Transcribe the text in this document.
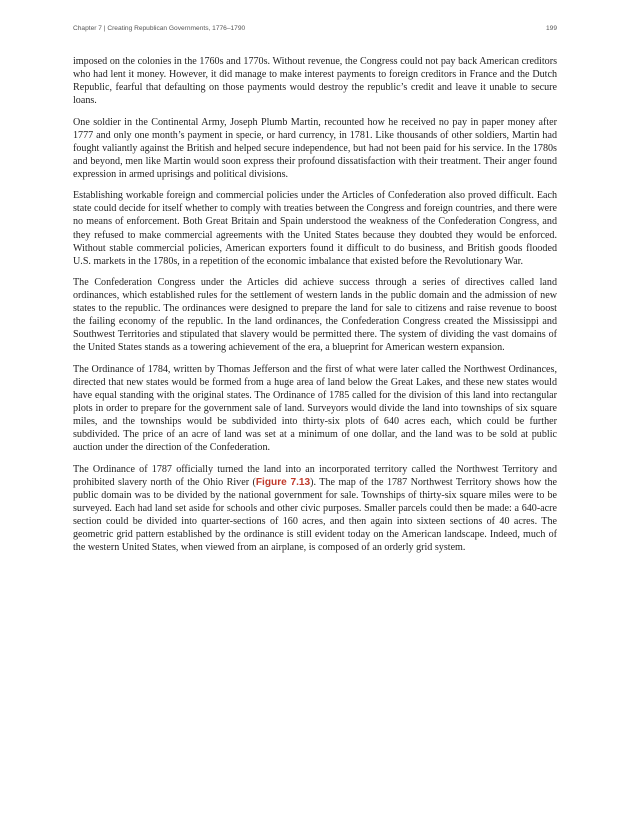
Chapter 7 | Creating Republican Governments, 1776–1790	199

imposed on the colonies in the 1760s and 1770s. Without revenue, the Congress could not pay back American creditors who had lent it money. However, it did manage to make interest payments to foreign creditors in France and the Dutch Republic, fearful that defaulting on those payments would destroy the republic’s credit and leave it unable to secure loans.

One soldier in the Continental Army, Joseph Plumb Martin, recounted how he received no pay in paper money after 1777 and only one month’s payment in specie, or hard currency, in 1781. Like thousands of other soldiers, Martin had fought valiantly against the British and helped secure independence, but had not been paid for his service. In the 1780s and beyond, men like Martin would soon express their profound dissatisfaction with their treatment. Their anger found expression in armed uprisings and political divisions.

Establishing workable foreign and commercial policies under the Articles of Confederation also proved difficult. Each state could decide for itself whether to comply with treaties between the Congress and foreign countries, and there were no means of enforcement. Both Great Britain and Spain understood the weakness of the Confederation Congress, and they refused to make commercial agreements with the United States because they doubted they would be enforced. Without stable commercial policies, American exporters found it difficult to do business, and British goods flooded U.S. markets in the 1780s, in a repetition of the economic imbalance that existed before the Revolutionary War.

The Confederation Congress under the Articles did achieve success through a series of directives called land ordinances, which established rules for the settlement of western lands in the public domain and the admission of new states to the republic. The ordinances were designed to prepare the land for sale to citizens and raise revenue to boost the failing economy of the republic. In the land ordinances, the Confederation Congress created the Mississippi and Southwest Territories and stipulated that slavery would be permitted there. The system of dividing the vast domains of the United States stands as a towering achievement of the era, a blueprint for American western expansion.

The Ordinance of 1784, written by Thomas Jefferson and the first of what were later called the Northwest Ordinances, directed that new states would be formed from a huge area of land below the Great Lakes, and these new states would have equal standing with the original states. The Ordinance of 1785 called for the division of this land into rectangular plots in order to prepare for the government sale of land. Surveyors would divide the land into townships of six square miles, and the townships would be subdivided into thirty-six plots of 640 acres each, which could be further subdivided. The price of an acre of land was set at a minimum of one dollar, and the land was to be sold at public auction under the direction of the Confederation.

The Ordinance of 1787 officially turned the land into an incorporated territory called the Northwest Territory and prohibited slavery north of the Ohio River (Figure 7.13). The map of the 1787 Northwest Territory shows how the public domain was to be divided by the national government for sale. Townships of thirty-six square miles were to be surveyed. Each had land set aside for schools and other civic purposes. Smaller parcels could then be made: a 640-acre section could be divided into quarter-sections of 160 acres, and then again into sixteen sections of 40 acres. The geometric grid pattern established by the ordinance is still evident today on the American landscape. Indeed, much of the western United States, when viewed from an airplane, is composed of an orderly grid system.
